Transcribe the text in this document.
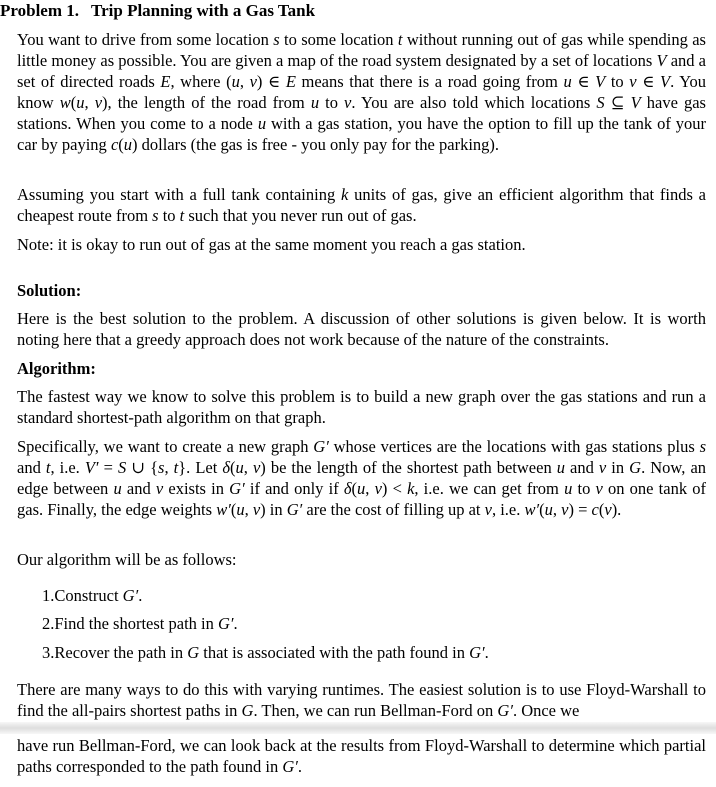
Problem 1. Trip Planning with a Gas Tank
You want to drive from some location s to some location t without running out of gas while spending as little money as possible. You are given a map of the road system designated by a set of locations V and a set of directed roads E, where (u, v) ∈ E means that there is a road going from u ∈ V to v ∈ V. You know w(u, v), the length of the road from u to v. You are also told which locations S ⊆ V have gas stations. When you come to a node u with a gas station, you have the option to fill up the tank of your car by paying c(u) dollars (the gas is free - you only pay for the parking).
Assuming you start with a full tank containing k units of gas, give an efficient algorithm that finds a cheapest route from s to t such that you never run out of gas.
Note: it is okay to run out of gas at the same moment you reach a gas station.
Solution:
Here is the best solution to the problem. A discussion of other solutions is given below. It is worth noting here that a greedy approach does not work because of the nature of the constraints.
Algorithm:
The fastest way we know to solve this problem is to build a new graph over the gas stations and run a standard shortest-path algorithm on that graph.
Specifically, we want to create a new graph G′ whose vertices are the locations with gas stations plus s and t, i.e. V′ = S ∪ {s, t}. Let δ(u, v) be the length of the shortest path between u and v in G. Now, an edge between u and v exists in G′ if and only if δ(u, v) < k, i.e. we can get from u to v on one tank of gas. Finally, the edge weights w′(u, v) in G′ are the cost of filling up at v, i.e. w′(u, v) = c(v).
Our algorithm will be as follows:
1.Construct G′.
2.Find the shortest path in G′.
3.Recover the path in G that is associated with the path found in G′.
There are many ways to do this with varying runtimes. The easiest solution is to use Floyd-Warshall to find the all-pairs shortest paths in G. Then, we can run Bellman-Ford on G′. Once we
have run Bellman-Ford, we can look back at the results from Floyd-Warshall to determine which partial paths corresponded to the path found in G′.
